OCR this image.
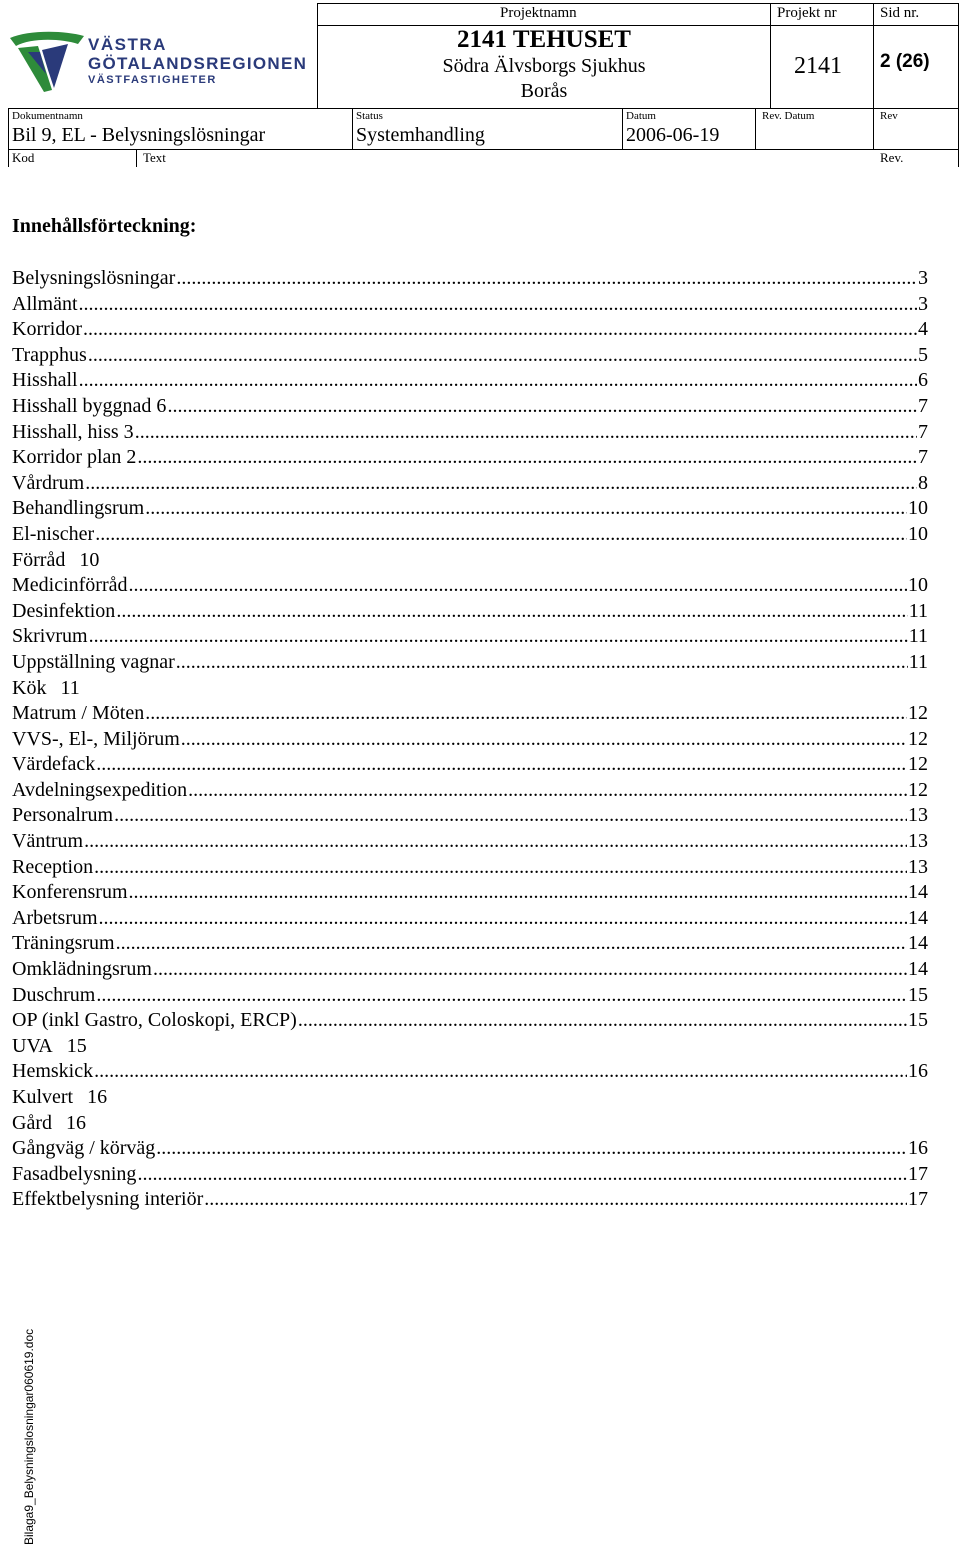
VÄSTRA
GÖTALANDSREGIONEN
VÄSTFASTIGHETER
Projektnamn	Projekt nr	Sid nr.
2141 TEHUSET
Södra Älvsborgs Sjukhus
Borås
2141 2 (26)
Dokumentnamn	Status	Datum	Rev. Datum	Rev
Bil 9, EL - Belysningslösningar	Systemhandling	2006-06-19
Kod	Text	Rev.
Innehållsförteckning:
Belysningslösningar .....	3
Allmänt .....	3
Korridor .....	4
Trapphus .....	5
Hisshall .....	6
Hisshall byggnad 6 .....	7
Hisshall, hiss 3 .....	7
Korridor plan 2 .....	7
Vårdrum .....	8
Behandlingsrum .....	10
El-nischer .....	10
Förråd 10
Medicinförråd .....	10
Desinfektion .....	11
Skrivrum .....	11
Uppställning vagnar .....	11
Kök 11
Matrum / Möten .....	12
VVS-, El-, Miljörum .....	12
Värdefack .....	12
Avdelningsexpedition .....	12
Personalrum .....	13
Väntrum .....	13
Reception .....	13
Konferensrum .....	14
Arbetsrum .....	14
Träningsrum .....	14
Omklädningsrum .....	14
Duschrum .....	15
OP (inkl Gastro, Coloskopi, ERCP) .....	15
UVA 15
Hemskick .....	16
Kulvert 16
Gård 16
Gångväg / körväg .....	16
Fasadbelysning .....	17
Effektbelysning interiör .....	17
Bilaga9_Belysningslosningar060619.doc
